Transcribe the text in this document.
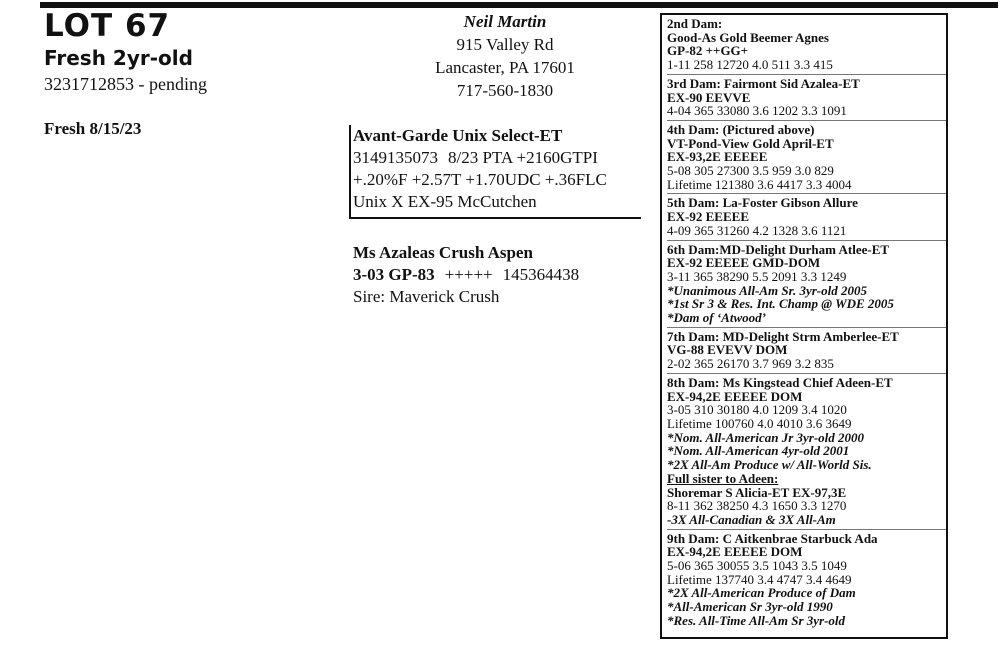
LOT 67
Fresh 2yr-old
3231712853 - pending
Fresh 8/15/23
Neil Martin
915 Valley Rd
Lancaster, PA 17601
717-560-1830
Avant-Garde Unix Select-ET
3149135073 8/23 PTA +2160GTPI
+.20%F +2.57T +1.70UDC +.36FLC
Unix X EX-95 McCutchen
Ms Azaleas Crush Aspen
3-03 GP-83 +++++ 145364438
Sire: Maverick Crush
2nd Dam:
Good-As Gold Beemer Agnes
GP-82 ++GG+
1-11 258 12720 4.0 511 3.3 415
3rd Dam: Fairmont Sid Azalea-ET
EX-90 EEVVE
4-04 365 33080 3.6 1202 3.3 1091
4th Dam: (Pictured above)
VT-Pond-View Gold April-ET
EX-93,2E EEEEE
5-08 305 27300 3.5 959 3.0 829
Lifetime 121380 3.6 4417 3.3 4004
5th Dam: La-Foster Gibson Allure
EX-92 EEEEE
4-09 365 31260 4.2 1328 3.6 1121
6th Dam:MD-Delight Durham Atlee-ET
EX-92 EEEEE GMD-DOM
3-11 365 38290 5.5 2091 3.3 1249
*Unanimous All-Am Sr. 3yr-old 2005
*1st Sr 3 & Res. Int. Champ @ WDE 2005
*Dam of ‘Atwood’
7th Dam: MD-Delight Strm Amberlee-ET
VG-88 EVEVV DOM
2-02 365 26170 3.7 969 3.2 835
8th Dam: Ms Kingstead Chief Adeen-ET
EX-94,2E EEEEE DOM
3-05 310 30180 4.0 1209 3.4 1020
Lifetime 100760 4.0 4010 3.6 3649
*Nom. All-American Jr 3yr-old 2000
*Nom. All-American 4yr-old 2001
*2X All-Am Produce w/ All-World Sis.
Full sister to Adeen:
Shoremar S Alicia-ET EX-97,3E
8-11 362 38250 4.3 1650 3.3 1270
-3X All-Canadian & 3X All-Am
9th Dam: C Aitkenbrae Starbuck Ada
EX-94,2E EEEEE DOM
5-06 365 30055 3.5 1043 3.5 1049
Lifetime 137740 3.4 4747 3.4 4649
*2X All-American Produce of Dam
*All-American Sr 3yr-old 1990
*Res. All-Time All-Am Sr 3yr-old
